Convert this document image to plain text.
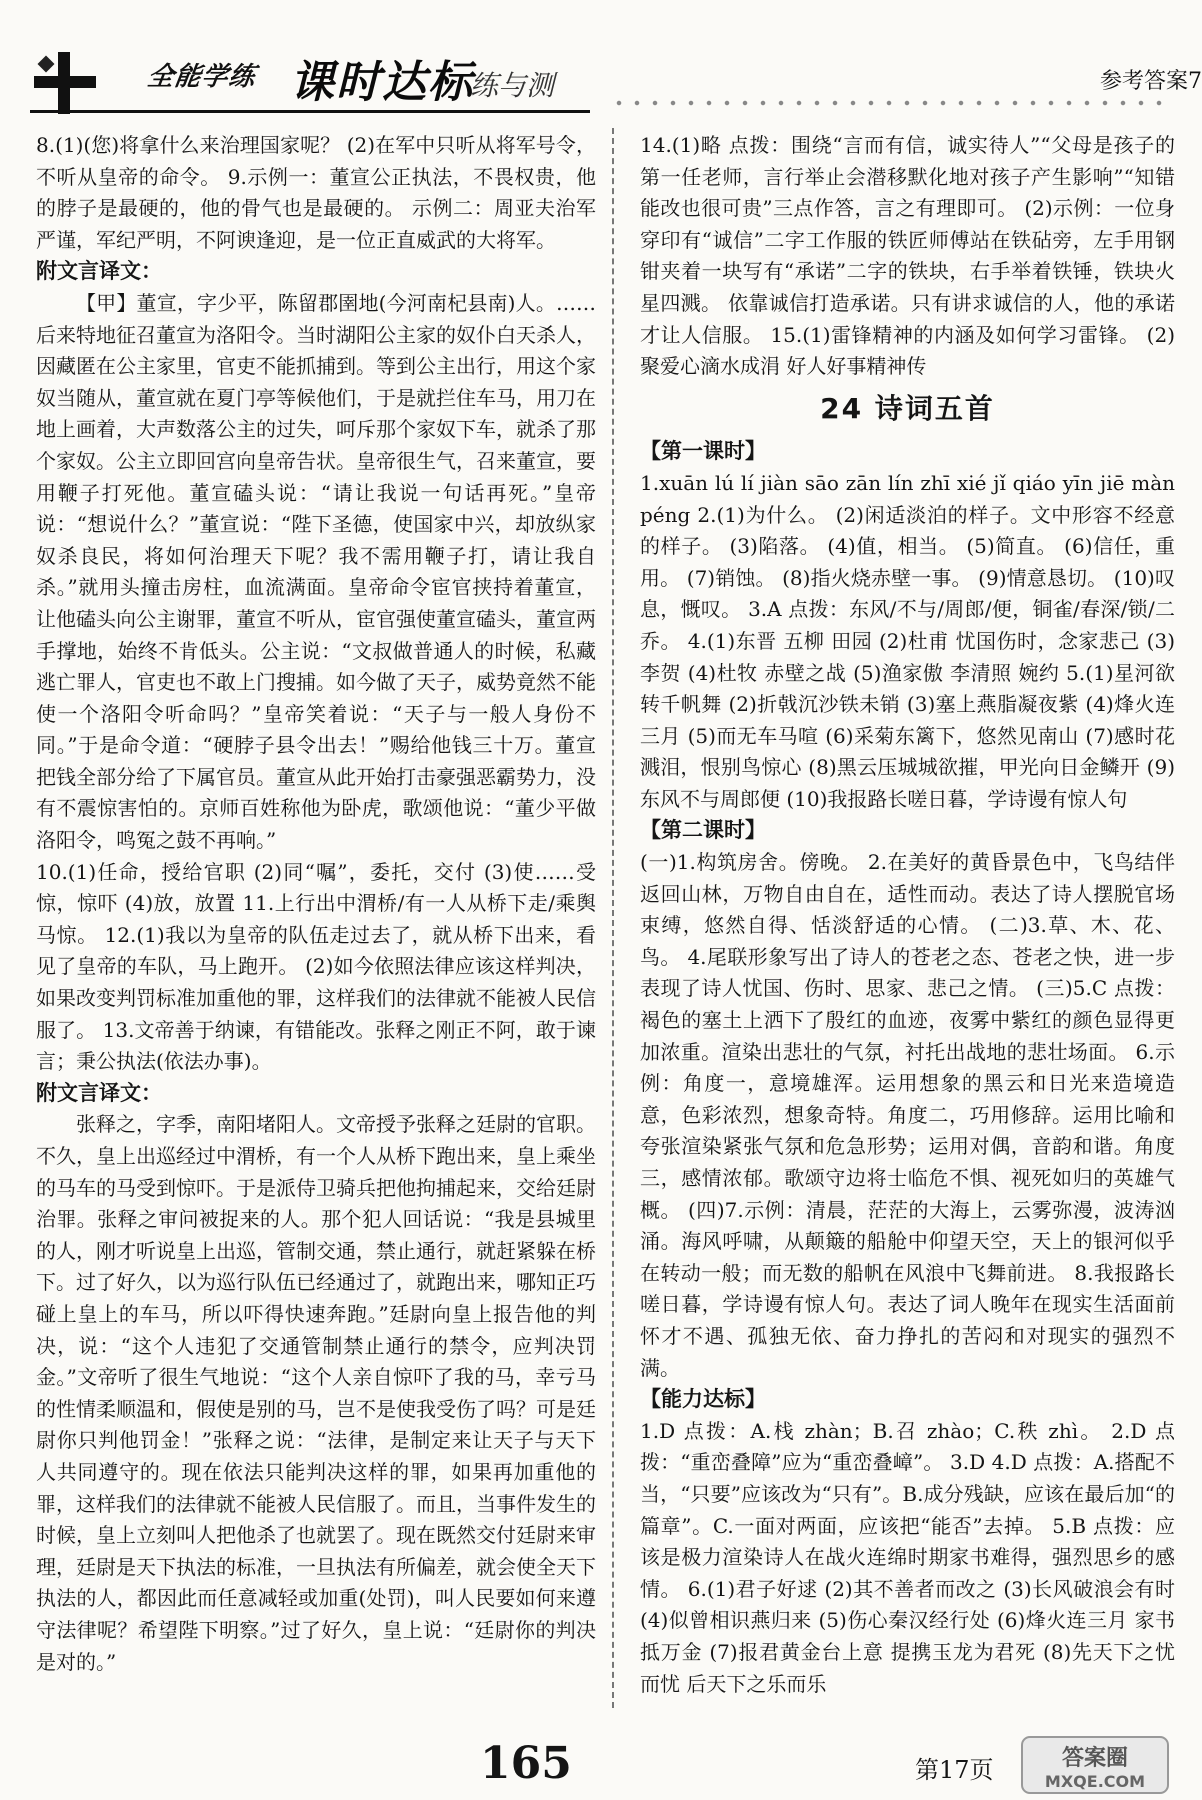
全能学练 课时达标
练与测	参考答案7

8.(1)(您)将拿什么来治理国家呢？ (2)在军中只听从将军号令，不听从皇帝的命令。 9.示例一：董宣公正执法，不畏权贵，他的脖子是最硬的，他的骨气也是最硬的。 示例二：周亚夫治军严谨，军纪严明，不阿谀逢迎，是一位正直威武的大将军。

附文言译文：

【甲】董宣，字少平，陈留郡圉地(今河南杞县南)人。……后来特地征召董宣为洛阳令。当时湖阳公主家的奴仆白天杀人，因藏匿在公主家里，官吏不能抓捕到。等到公主出行，用这个家奴当随从，董宣就在夏门亭等候他们，于是就拦住车马，用刀在地上画着，大声数落公主的过失，呵斥那个家奴下车，就杀了那个家奴。公主立即回宫向皇帝告状。皇帝很生气，召来董宣，要用鞭子打死他。董宣磕头说：“请让我说一句话再死。”皇帝说：“想说什么？”董宣说：“陛下圣德，使国家中兴，却放纵家奴杀良民，将如何治理天下呢？我不需用鞭子打，请让我自杀。”就用头撞击房柱，血流满面。皇帝命令宦官挟持着董宣，让他磕头向公主谢罪，董宣不听从，宦官强使董宣磕头，董宣两手撑地，始终不肯低头。公主说：“文叔做普通人的时候，私藏逃亡罪人，官吏也不敢上门搜捕。如今做了天子，威势竟然不能使一个洛阳令听命吗？”皇帝笑着说：“天子与一般人身份不同。”于是命令道：“硬脖子县令出去！”赐给他钱三十万。董宣把钱全部分给了下属官员。董宣从此开始打击豪强恶霸势力，没有不震惊害怕的。京师百姓称他为卧虎，歌颂他说：“董少平做洛阳令，鸣冤之鼓不再响。”

10.(1)任命，授给官职 (2)同“嘱”，委托，交付 (3)使……受惊，惊吓 (4)放，放置 11.上行出中渭桥/有一人从桥下走/乘舆马惊。 12.(1)我以为皇帝的队伍走过去了，就从桥下出来，看见了皇帝的车队，马上跑开。 (2)如今依照法律应该这样判决，如果改变判罚标准加重他的罪，这样我们的法律就不能被人民信服了。 13.文帝善于纳谏，有错能改。张释之刚正不阿，敢于谏言；秉公执法(依法办事)。

附文言译文：

张释之，字季，南阳堵阳人。文帝授予张释之廷尉的官职。不久，皇上出巡经过中渭桥，有一个人从桥下跑出来，皇上乘坐的马车的马受到惊吓。于是派侍卫骑兵把他拘捕起来，交给廷尉治罪。张释之审问被捉来的人。那个犯人回话说：“我是县城里的人，刚才听说皇上出巡，管制交通，禁止通行，就赶紧躲在桥下。过了好久，以为巡行队伍已经通过了，就跑出来，哪知正巧碰上皇上的车马，所以吓得快速奔跑。”廷尉向皇上报告他的判决，说：“这个人违犯了交通管制禁止通行的禁令，应判决罚金。”文帝听了很生气地说：“这个人亲自惊吓了我的马，幸亏马的性情柔顺温和，假使是别的马，岂不是使我受伤了吗？可是廷尉你只判他罚金！”张释之说：“法律，是制定来让天子与天下人共同遵守的。现在依法只能判决这样的罪，如果再加重他的罪，这样我们的法律就不能被人民信服了。而且，当事件发生的时候，皇上立刻叫人把他杀了也就罢了。现在既然交付廷尉来审理，廷尉是天下执法的标准，一旦执法有所偏差，就会使全天下执法的人，都因此而任意减轻或加重(处罚)，叫人民要如何来遵守法律呢？希望陛下明察。”过了好久，皇上说：“廷尉你的判决是对的。”

14.(1)略 点拨：围绕“言而有信，诚实待人”“父母是孩子的第一任老师，言行举止会潜移默化地对孩子产生影响”“知错能改也很可贵”三点作答，言之有理即可。 (2)示例：一位身穿印有“诚信”二字工作服的铁匠师傅站在铁砧旁，左手用钢钳夹着一块写有“承诺”二字的铁块，右手举着铁锤，铁块火星四溅。 依靠诚信打造承诺。只有讲求诚信的人，他的承诺才让人信服。 15.(1)雷锋精神的内涵及如何学习雷锋。 (2)聚爱心滴水成涓 好人好事精神传

24 诗词五首

【第一课时】

1.xuān lú lí jiàn sāo zān lín zhī xié jǐ qiáo yīn jiē màn péng 2.(1)为什么。 (2)闲适淡泊的样子。文中形容不经意的样子。 (3)陷落。 (4)值，相当。 (5)简直。 (6)信任，重用。 (7)销蚀。 (8)指火烧赤壁一事。 (9)情意恳切。 (10)叹息，慨叹。 3.A 点拨：东风/不与/周郎/便，铜雀/春深/锁/二乔。 4.(1)东晋 五柳 田园 (2)杜甫 忧国伤时，念家悲己 (3)李贺 (4)杜牧 赤壁之战 (5)渔家傲 李清照 婉约 5.(1)星河欲转千帆舞 (2)折戟沉沙铁未销 (3)塞上燕脂凝夜紫 (4)烽火连三月 (5)而无车马喧 (6)采菊东篱下，悠然见南山 (7)感时花溅泪，恨别鸟惊心 (8)黑云压城城欲摧，甲光向日金鳞开 (9)东风不与周郎便 (10)我报路长嗟日暮，学诗谩有惊人句

【第二课时】

(一)1.构筑房舍。傍晚。 2.在美好的黄昏景色中，飞鸟结伴返回山林，万物自由自在，适性而动。表达了诗人摆脱官场束缚，悠然自得、恬淡舒适的心情。 (二)3.草、木、花、鸟。 4.尾联形象写出了诗人的苍老之态、苍老之快，进一步表现了诗人忧国、伤时、思家、悲己之情。 (三)5.C 点拨：褐色的塞土上洒下了殷红的血迹，夜雾中紫红的颜色显得更加浓重。渲染出悲壮的气氛，衬托出战地的悲壮场面。 6.示例：角度一，意境雄浑。运用想象的黑云和日光来造境造意，色彩浓烈，想象奇特。角度二，巧用修辞。运用比喻和夸张渲染紧张气氛和危急形势；运用对偶，音韵和谐。角度三，感情浓郁。歌颂守边将士临危不惧、视死如归的英雄气概。 (四)7.示例：清晨，茫茫的大海上，云雾弥漫，波涛汹涌。海风呼啸，从颠簸的船舱中仰望天空，天上的银河似乎在转动一般；而无数的船帆在风浪中飞舞前进。 8.我报路长嗟日暮，学诗谩有惊人句。表达了词人晚年在现实生活面前怀才不遇、孤独无依、奋力挣扎的苦闷和对现实的强烈不满。

【能力达标】

1.D 点拨：A.栈 zhàn；B.召 zhào；C.秩 zhì。 2.D 点拨：“重峦叠障”应为“重峦叠嶂”。 3.D 4.D 点拨：A.搭配不当，“只要”应该改为“只有”。B.成分残缺，应该在最后加“的篇章”。C.一面对两面，应该把“能否”去掉。 5.B 点拨：应该是极力渲染诗人在战火连绵时期家书难得，强烈思乡的感情。 6.(1)君子好逑 (2)其不善者而改之 (3)长风破浪会有时 (4)似曾相识燕归来 (5)伤心秦汉经行处 (6)烽火连三月 家书抵万金 (7)报君黄金台上意 提携玉龙为君死 (8)先天下之忧而忧 后天下之乐而乐

165	第17页	答案圈
MXQE.COM
